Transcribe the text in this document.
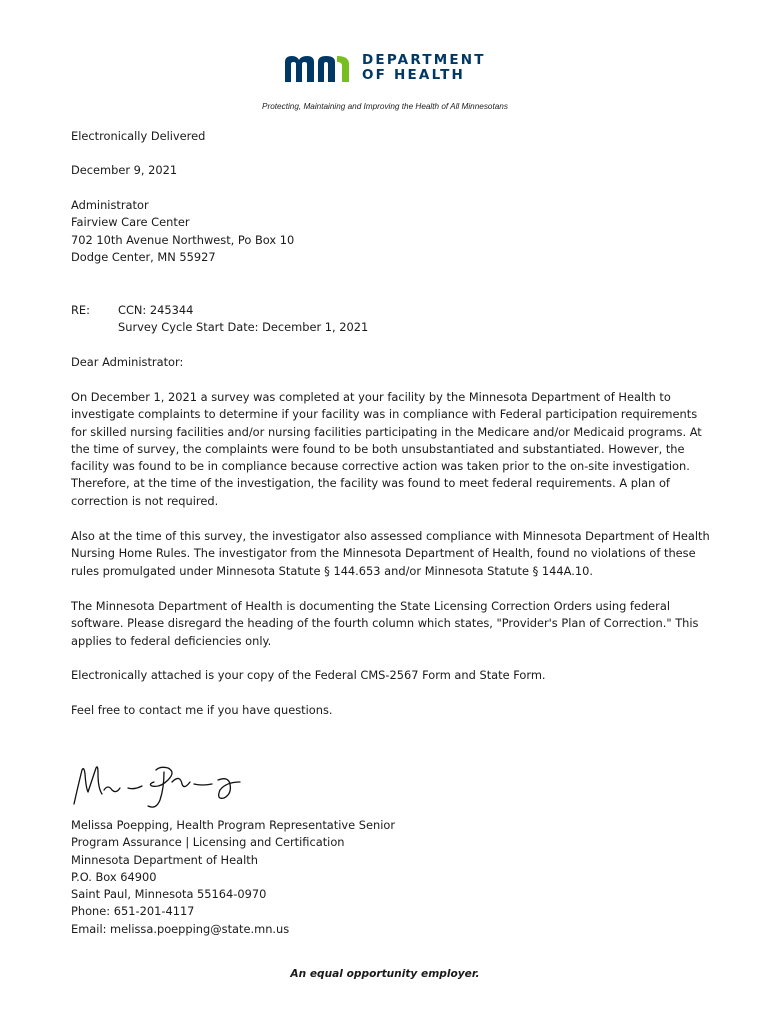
DEPARTMENT
OF HEALTH
Protecting, Maintaining and Improving the Health of All Minnesotans
Electronically Delivered
December 9, 2021
Administrator
Fairview Care Center
702 10th Avenue Northwest, Po Box 10
Dodge Center, MN 55927
RE: CCN: 245344
Survey Cycle Start Date: December 1, 2021
Dear Administrator:
On December 1, 2021 a survey was completed at your facility by the Minnesota Department of Health to
investigate complaints to determine if your facility was in compliance with Federal participation requirements
for skilled nursing facilities and/or nursing facilities participating in the Medicare and/or Medicaid programs. At
the time of survey, the complaints were found to be both unsubstantiated and substantiated. However, the
facility was found to be in compliance because corrective action was taken prior to the on-site investigation.
Therefore, at the time of the investigation, the facility was found to meet federal requirements. A plan of
correction is not required.
Also at the time of this survey, the investigator also assessed compliance with Minnesota Department of Health
Nursing Home Rules. The investigator from the Minnesota Department of Health, found no violations of these
rules promulgated under Minnesota Statute § 144.653 and/or Minnesota Statute § 144A.10.
The Minnesota Department of Health is documenting the State Licensing Correction Orders using federal
software. Please disregard the heading of the fourth column which states, "Provider's Plan of Correction." This
applies to federal deficiencies only.
Electronically attached is your copy of the Federal CMS-2567 Form and State Form.
Feel free to contact me if you have questions.
Melissa Poepping, Health Program Representative Senior
Program Assurance | Licensing and Certification
Minnesota Department of Health
P.O. Box 64900
Saint Paul, Minnesota 55164-0970
Phone: 651-201-4117
Email: melissa.poepping@state.mn.us
An equal opportunity employer.
